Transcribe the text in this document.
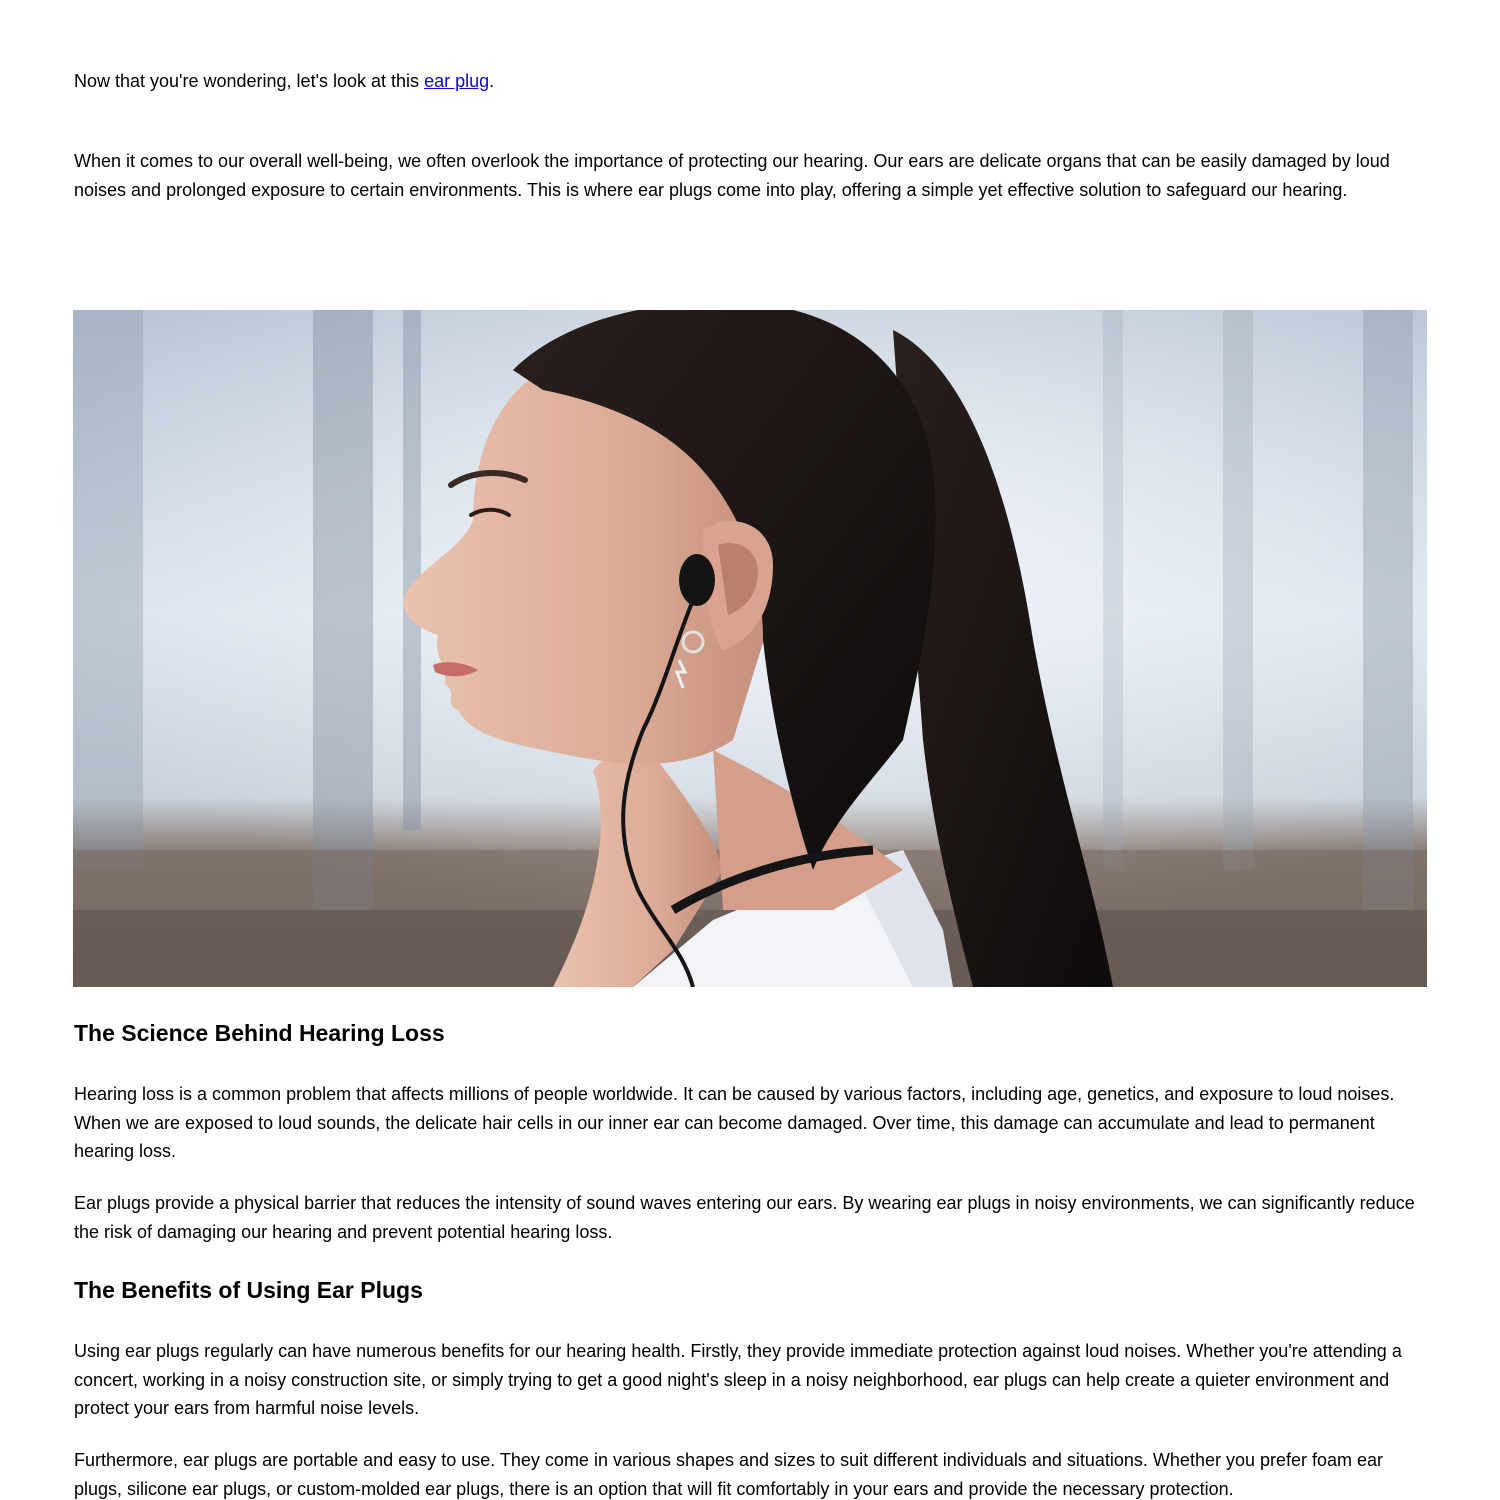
Now that you're wondering, let's look at this ear plug.

When it comes to our overall well-being, we often overlook the importance of protecting our hearing. Our ears are delicate organs that can be easily damaged by loud noises and prolonged exposure to certain environments. This is where ear plugs come into play, offering a simple yet effective solution to safeguard our hearing.

The Science Behind Hearing Loss

Hearing loss is a common problem that affects millions of people worldwide. It can be caused by various factors, including age, genetics, and exposure to loud noises. When we are exposed to loud sounds, the delicate hair cells in our inner ear can become damaged. Over time, this damage can accumulate and lead to permanent hearing loss.

Ear plugs provide a physical barrier that reduces the intensity of sound waves entering our ears. By wearing ear plugs in noisy environments, we can significantly reduce the risk of damaging our hearing and prevent potential hearing loss.

The Benefits of Using Ear Plugs

Using ear plugs regularly can have numerous benefits for our hearing health. Firstly, they provide immediate protection against loud noises. Whether you're attending a concert, working in a noisy construction site, or simply trying to get a good night's sleep in a noisy neighborhood, ear plugs can help create a quieter environment and protect your ears from harmful noise levels.

Furthermore, ear plugs are portable and easy to use. They come in various shapes and sizes to suit different individuals and situations. Whether you prefer foam ear plugs, silicone ear plugs, or custom-molded ear plugs, there is an option that will fit comfortably in your ears and provide the necessary protection.
